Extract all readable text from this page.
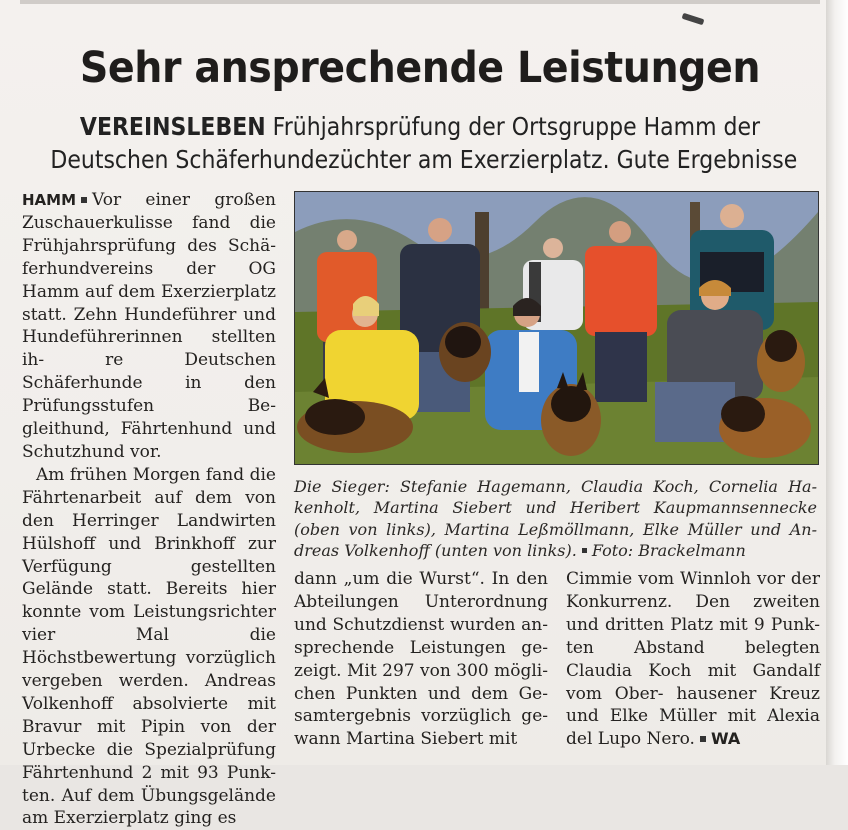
Sehr ansprechende Leistungen
VEREINSLEBEN Frühjahrsprüfung der Ortsgruppe Hamm der
Deutschen Schäferhundezüchter am Exerzierplatz. Gute Ergebnisse

HAMM Vor einer großen Zuschauerkulisse fand die Frühjahrsprüfung des Schä- ferhundvereins der OG Hamm auf dem Exerzierplatz statt. Zehn Hundeführer und Hundeführerinnen stellten ih-	re Deutschen Schäferhunde	in den Prüfungsstufen Be- gleithund, Fährtenhund und Schutzhund vor.

Am frühen Morgen fand die Fährtenarbeit auf dem von den Herringer Landwirten Hülshoff und Brinkhoff zur Verfügung gestellten Gelände statt. Bereits hier konnte vom Leistungsrichter vier Mal die Höchstbewertung vorzüglich vergeben werden. Andreas Volkenhoff absolvierte mit Bravur mit Pipin von der Urbecke die Spezialprüfung Fährtenhund 2 mit 93 Punk- ten. Auf dem Übungsgelände am Exerzierplatz ging es

Die Sieger: Stefanie Hagemann, Claudia Koch, Cornelia Ha- kenholt, Martina Siebert und Heribert Kaupmannsennecke (oben von links), Martina Leßmöllmann, Elke Müller und An- dreas Volkenhoff (unten von links). Foto: Brackelmann

dann „um die Wurst“. In den Abteilungen Unterordnung und Schutzdienst wurden an- sprechende Leistungen ge- zeigt. Mit 297 von 300 mögli- chen Punkten und dem Ge- samtergebnis vorzüglich ge- wann Martina Siebert mit

Cimmie vom Winnloh vor der Konkurrenz. Den zweiten und dritten Platz mit 9 Punk- ten Abstand belegten Claudia Koch mit Gandalf vom Ober- hausener Kreuz und Elke Müller mit Alexia del Lupo Nero. WA
